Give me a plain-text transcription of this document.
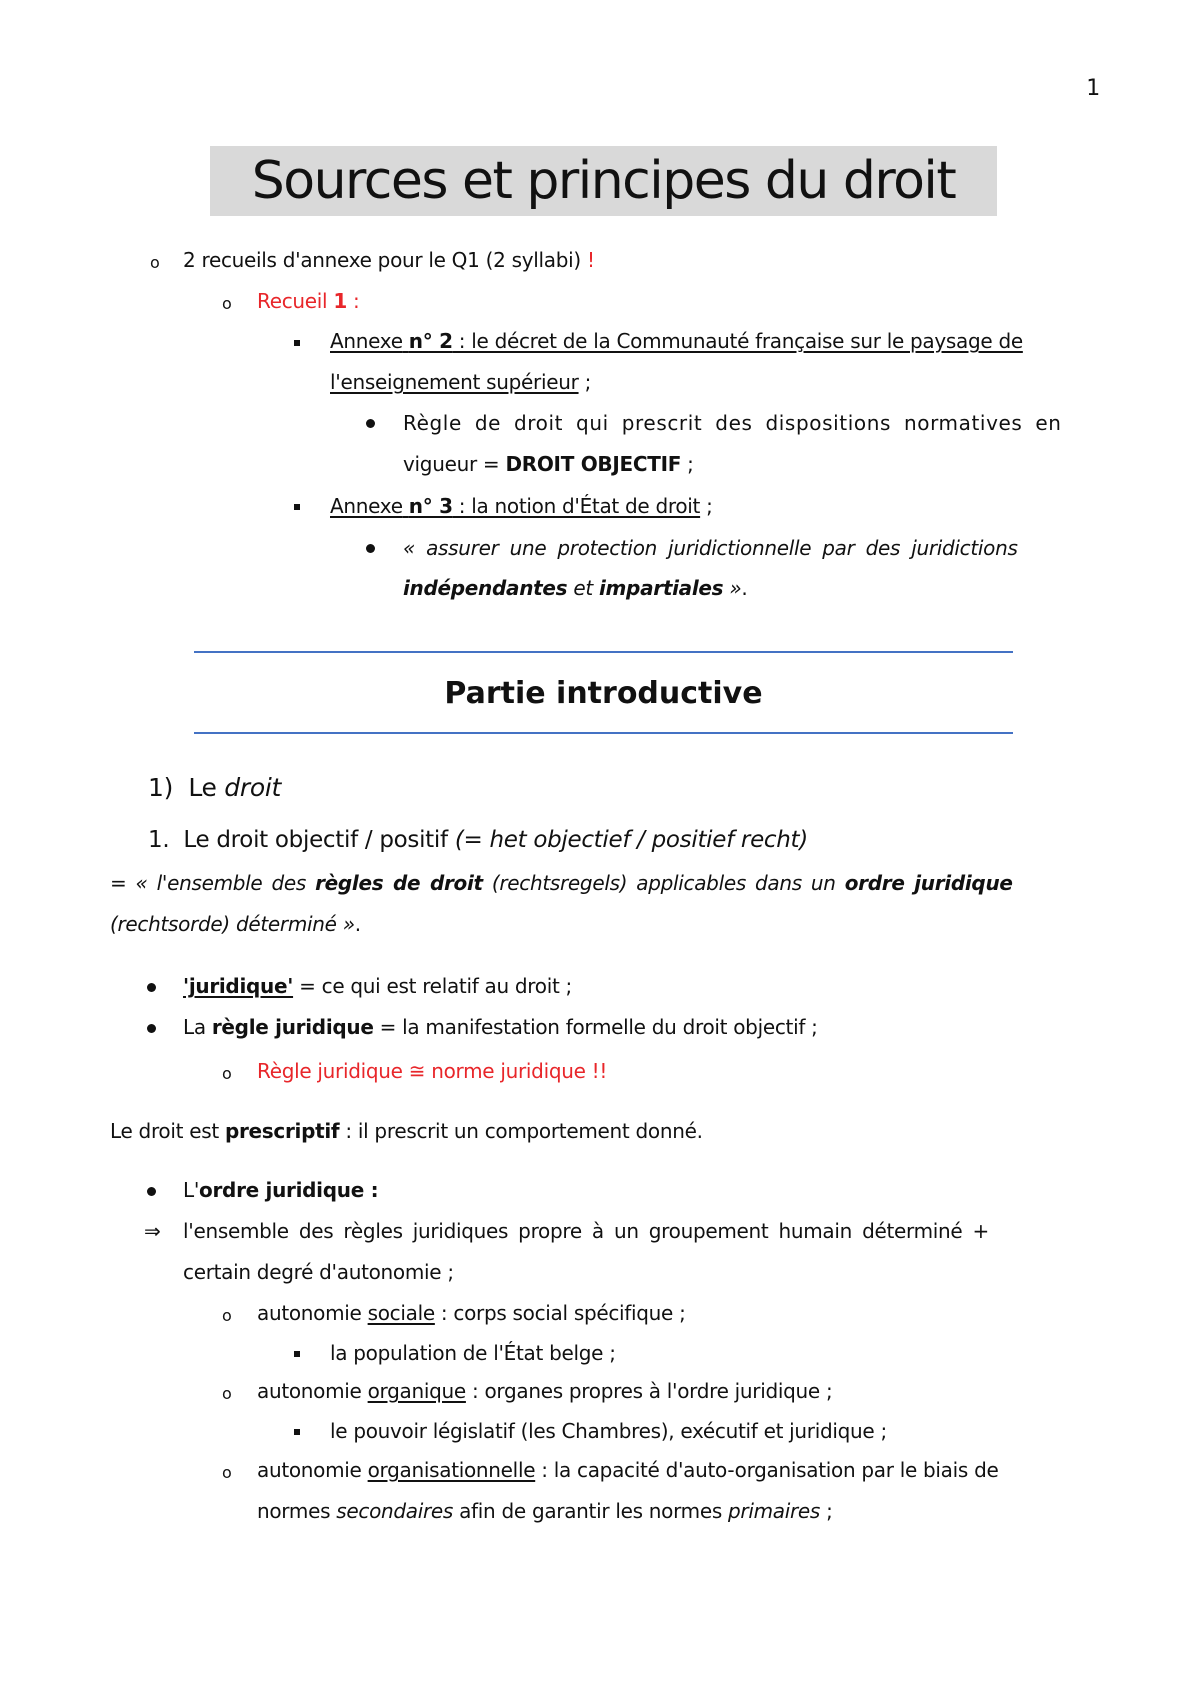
1
Sources et principes du droit
o 2 recueils d'annexe pour le Q1 (2 syllabi) !
o Recueil 1 :
Annexe n° 2 : le décret de la Communauté française sur le paysage de
l'enseignement supérieur ;
Règle de droit qui prescrit des dispositions normatives en
vigueur = DROIT OBJECTIF ;
Annexe n° 3 : la notion d'État de droit ;
« assurer une protection juridictionnelle par des juridictions
indépendantes et impartiales ».
Partie introductive
1) Le droit
1. Le droit objectif / positif (= het objectief / positief recht)
= « l'ensemble des règles de droit (rechtsregels) applicables dans un ordre juridique
(rechtsorde) déterminé ».
'juridique' = ce qui est relatif au droit ;
La règle juridique = la manifestation formelle du droit objectif ;
o Règle juridique ≅ norme juridique !!
Le droit est prescriptif : il prescrit un comportement donné.
L'ordre juridique :
⇒ l'ensemble des règles juridiques propre à un groupement humain déterminé +
certain degré d'autonomie ;
o autonomie sociale : corps social spécifique ;
la population de l'État belge ;
o autonomie organique : organes propres à l'ordre juridique ;
le pouvoir législatif (les Chambres), exécutif et juridique ;
o autonomie organisationnelle : la capacité d'auto-organisation par le biais de
normes secondaires afin de garantir les normes primaires ;
